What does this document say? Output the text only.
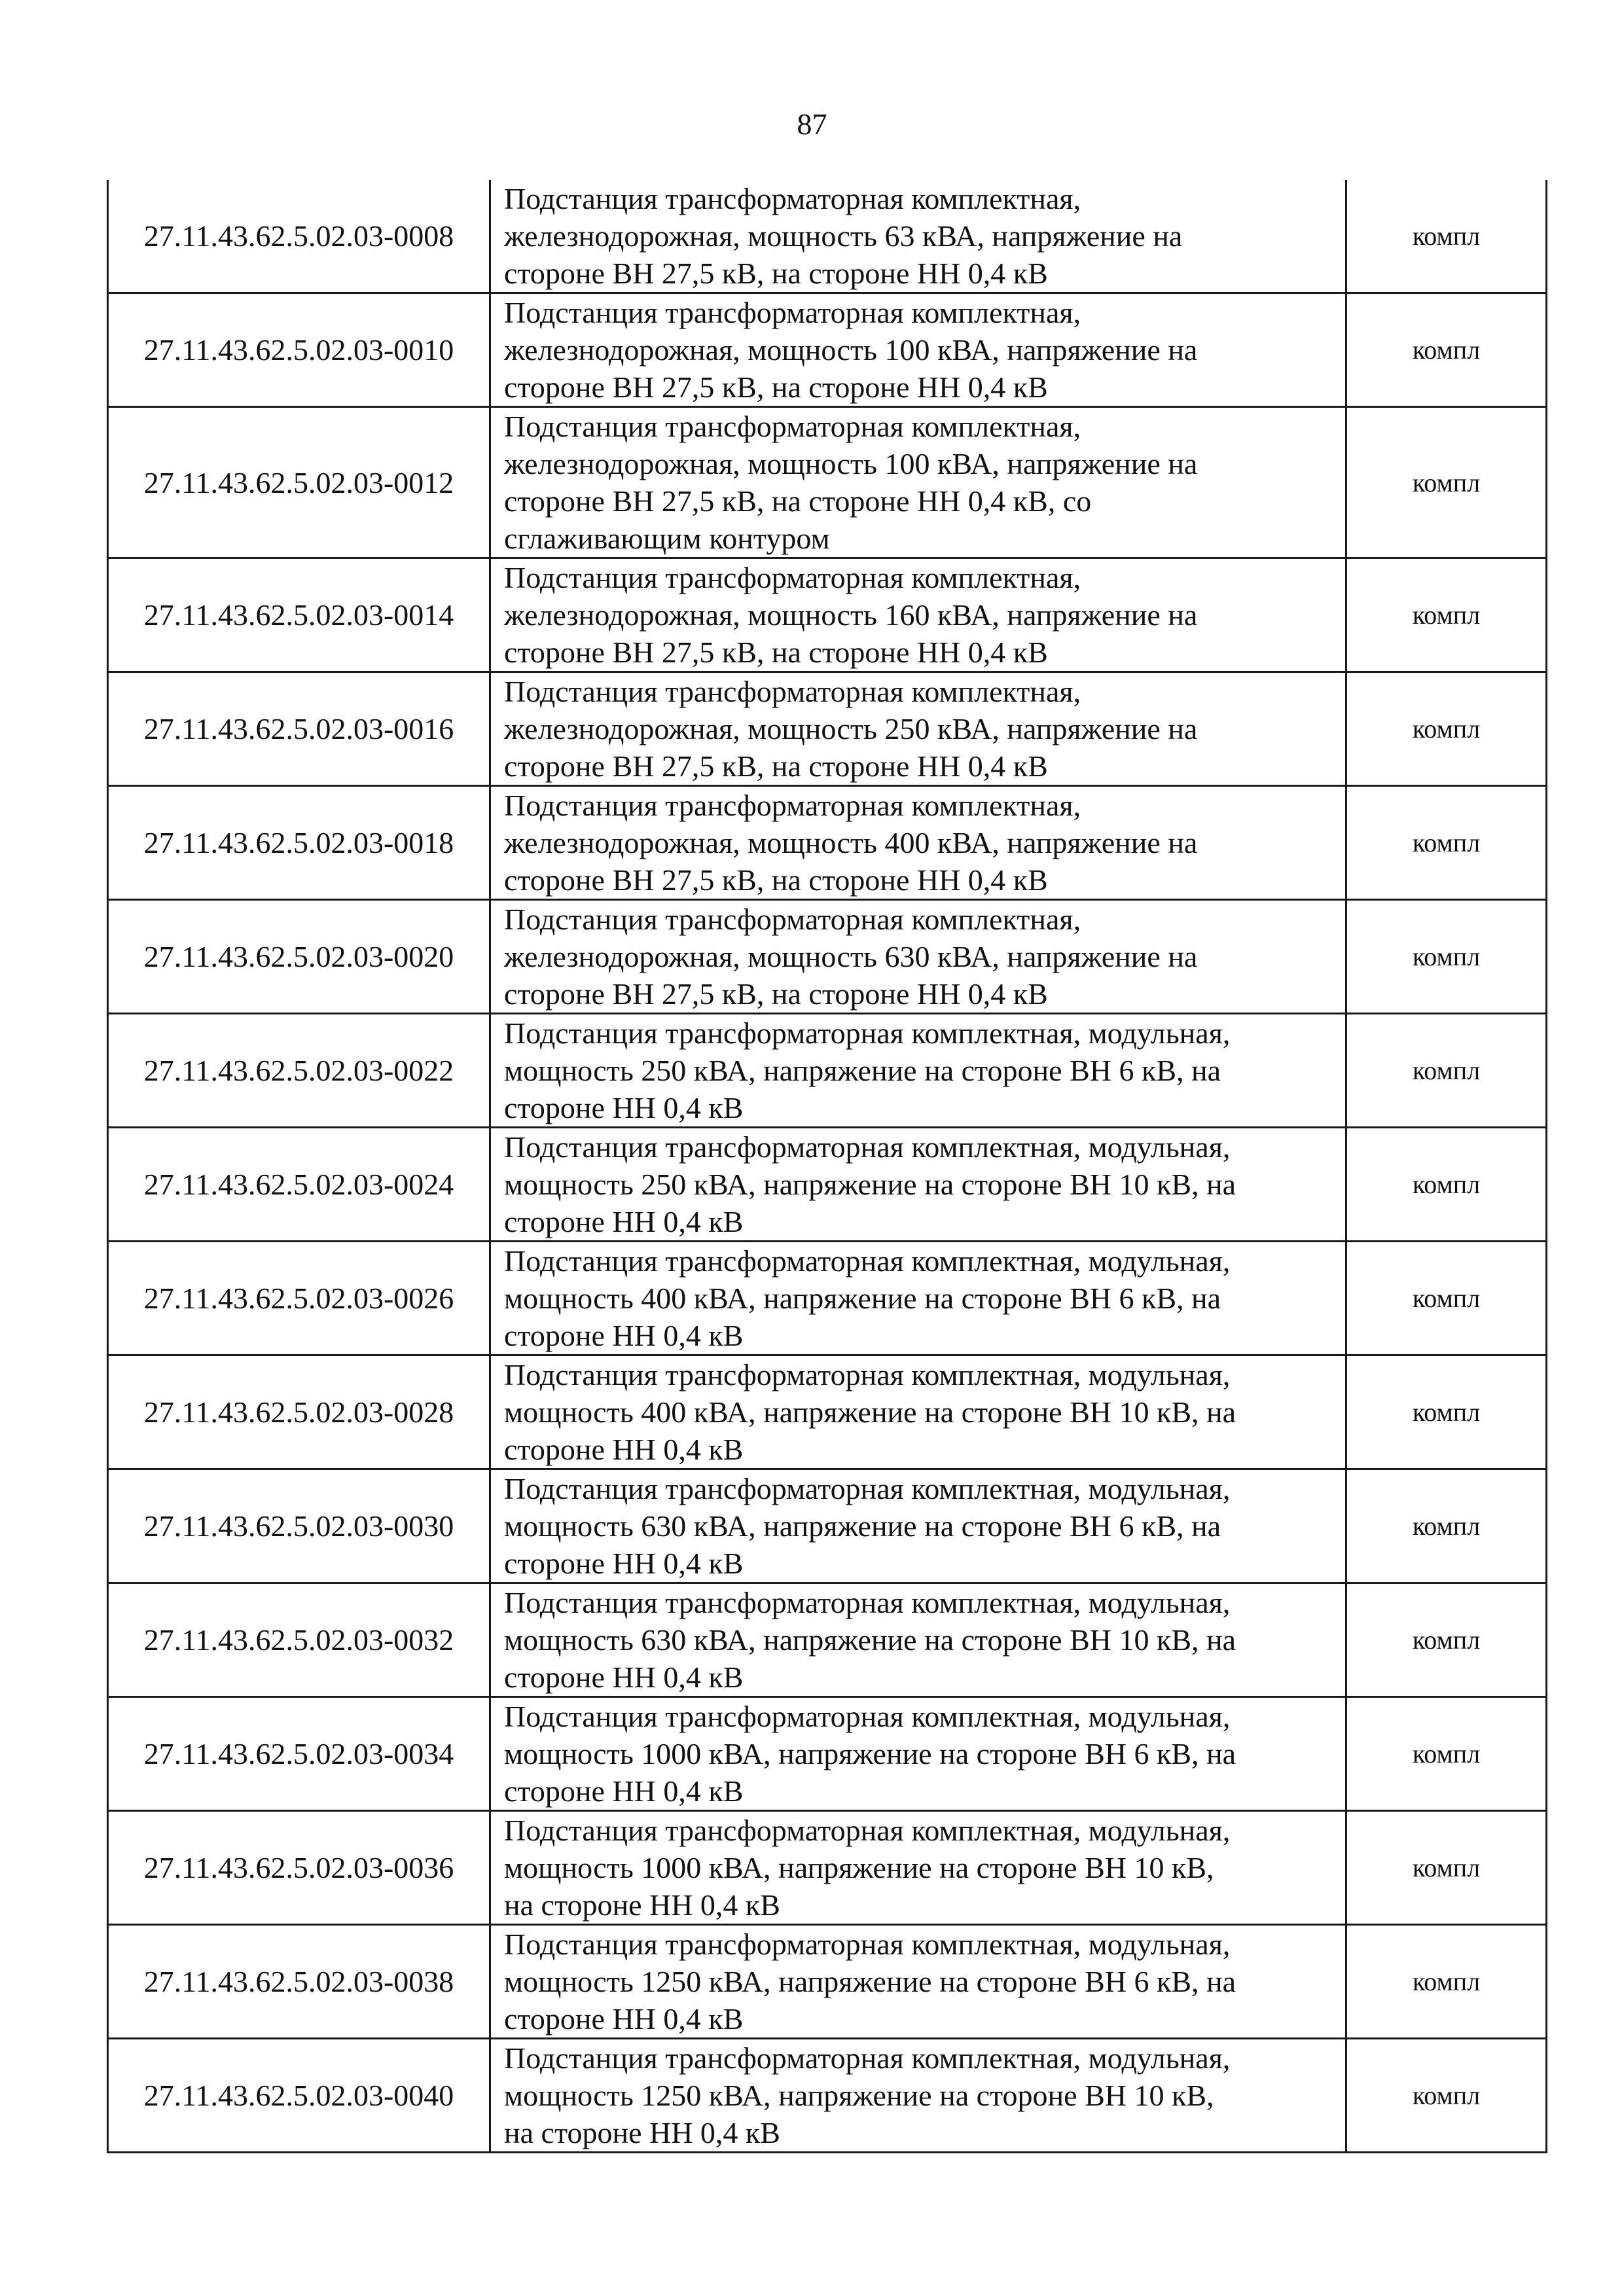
87
27.11.43.62.5.02.03-0008	Подстанция трансформаторная комплектная,
железнодорожная, мощность 63 кВА, напряжение на
стороне ВН 27,5 кВ, на стороне НН 0,4 кВ	компл
27.11.43.62.5.02.03-0010	Подстанция трансформаторная комплектная,
железнодорожная, мощность 100 кВА, напряжение на
стороне ВН 27,5 кВ, на стороне НН 0,4 кВ	компл
27.11.43.62.5.02.03-0012	Подстанция трансформаторная комплектная,
железнодорожная, мощность 100 кВА, напряжение на
стороне ВН 27,5 кВ, на стороне НН 0,4 кВ, со
сглаживающим контуром	компл
27.11.43.62.5.02.03-0014	Подстанция трансформаторная комплектная,
железнодорожная, мощность 160 кВА, напряжение на
стороне ВН 27,5 кВ, на стороне НН 0,4 кВ	компл
27.11.43.62.5.02.03-0016	Подстанция трансформаторная комплектная,
железнодорожная, мощность 250 кВА, напряжение на
стороне ВН 27,5 кВ, на стороне НН 0,4 кВ	компл
27.11.43.62.5.02.03-0018	Подстанция трансформаторная комплектная,
железнодорожная, мощность 400 кВА, напряжение на
стороне ВН 27,5 кВ, на стороне НН 0,4 кВ	компл
27.11.43.62.5.02.03-0020	Подстанция трансформаторная комплектная,
железнодорожная, мощность 630 кВА, напряжение на
стороне ВН 27,5 кВ, на стороне НН 0,4 кВ	компл
27.11.43.62.5.02.03-0022	Подстанция трансформаторная комплектная, модульная,
мощность 250 кВА, напряжение на стороне ВН 6 кВ, на
стороне НН 0,4 кВ	компл
27.11.43.62.5.02.03-0024	Подстанция трансформаторная комплектная, модульная,
мощность 250 кВА, напряжение на стороне ВН 10 кВ, на
стороне НН 0,4 кВ	компл
27.11.43.62.5.02.03-0026	Подстанция трансформаторная комплектная, модульная,
мощность 400 кВА, напряжение на стороне ВН 6 кВ, на
стороне НН 0,4 кВ	компл
27.11.43.62.5.02.03-0028	Подстанция трансформаторная комплектная, модульная,
мощность 400 кВА, напряжение на стороне ВН 10 кВ, на
стороне НН 0,4 кВ	компл
27.11.43.62.5.02.03-0030	Подстанция трансформаторная комплектная, модульная,
мощность 630 кВА, напряжение на стороне ВН 6 кВ, на
стороне НН 0,4 кВ	компл
27.11.43.62.5.02.03-0032	Подстанция трансформаторная комплектная, модульная,
мощность 630 кВА, напряжение на стороне ВН 10 кВ, на
стороне НН 0,4 кВ	компл
27.11.43.62.5.02.03-0034	Подстанция трансформаторная комплектная, модульная,
мощность 1000 кВА, напряжение на стороне ВН 6 кВ, на
стороне НН 0,4 кВ	компл
27.11.43.62.5.02.03-0036	Подстанция трансформаторная комплектная, модульная,
мощность 1000 кВА, напряжение на стороне ВН 10 кВ,
на стороне НН 0,4 кВ	компл
27.11.43.62.5.02.03-0038	Подстанция трансформаторная комплектная, модульная,
мощность 1250 кВА, напряжение на стороне ВН 6 кВ, на
стороне НН 0,4 кВ	компл
27.11.43.62.5.02.03-0040	Подстанция трансформаторная комплектная, модульная,
мощность 1250 кВА, напряжение на стороне ВН 10 кВ,
на стороне НН 0,4 кВ	компл
